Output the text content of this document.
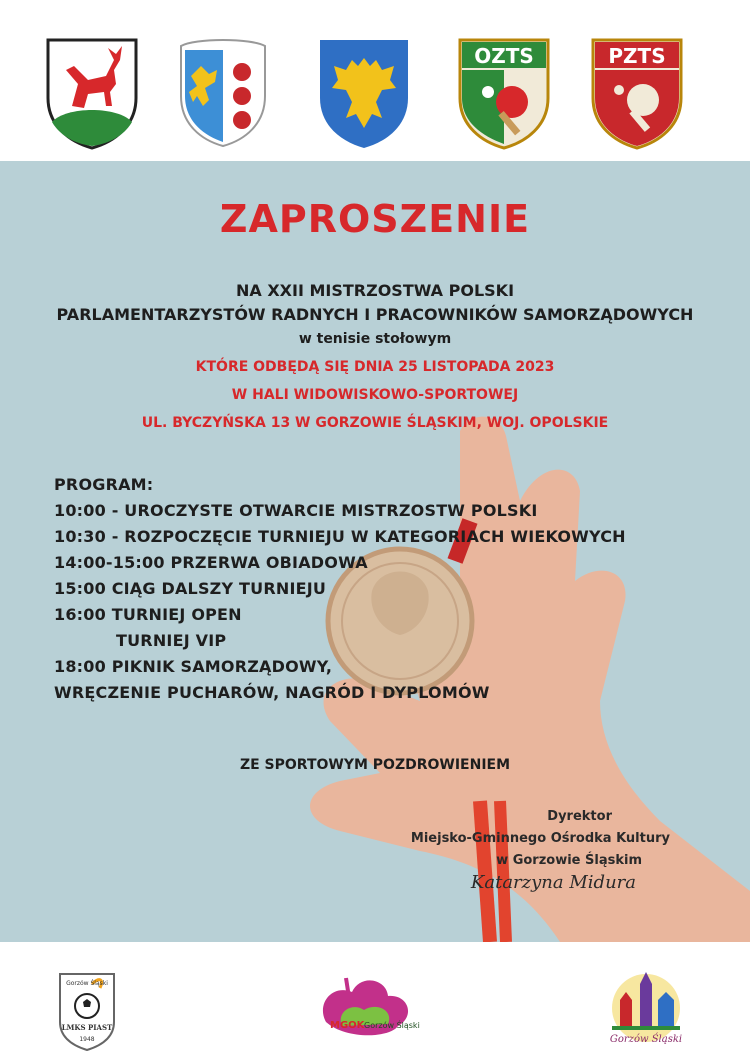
OZTS	PZTS
ZAPROSZENIE
NA XXII MISTRZOSTWA POLSKI
PARLAMENTARZYSTÓW RADNYCH I PRACOWNIKÓW SAMORZĄDOWYCH
w tenisie stołowym
KTÓRE ODBĘDĄ SIĘ DNIA 25 LISTOPADA 2023
W HALI WIDOWISKOWO-SPORTOWEJ
UL. BYCZYŃSKA 13 W GORZOWIE ŚLĄSKIM, WOJ. OPOLSKIE
PROGRAM:
10:00 - UROCZYSTE OTWARCIE MISTRZOSTW POLSKI
10:30 - ROZPOCZĘCIE TURNIEJU W KATEGORIACH WIEKOWYCH
14:00-15:00 PRZERWA OBIADOWA
15:00 CIĄG DALSZY TURNIEJU
16:00 TURNIEJ OPEN
TURNIEJ VIP
18:00 PIKNIK SAMORZĄDOWY,
WRĘCZENIE PUCHARÓW, NAGRÓD I DYPLOMÓW
ZE SPORTOWYM POZDROWIENIEM
Dyrektor
Miejsko-Gminnego Ośrodka Kultury
w Gorzowie Śląskim
Katarzyna Midura
Gorzów Śląski
LMKS PIAST
1948
MGOK Gorzów Śląski
Gorzów Śląski
